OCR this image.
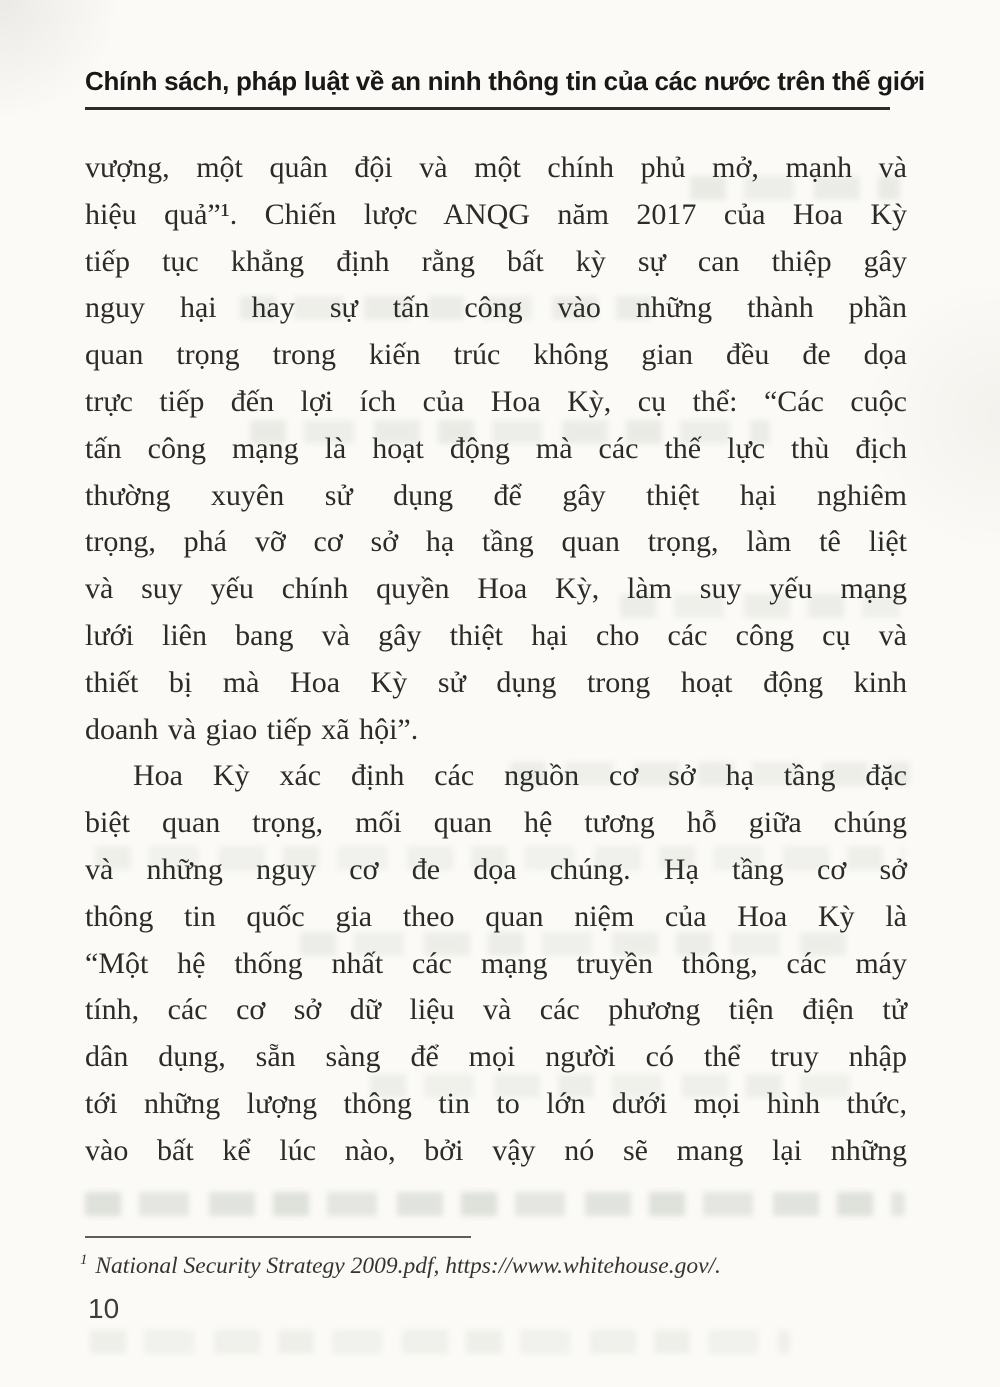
Chính sách, pháp luật về an ninh thông tin của các nước trên thế giới
vượng, một quân đội và một chính phủ mở, mạnh và
hiệu quả”¹. Chiến lược ANQG năm 2017 của Hoa Kỳ
tiếp tục khẳng định rằng bất kỳ sự can thiệp gây
nguy hại hay sự tấn công vào những thành phần
quan trọng trong kiến trúc không gian đều đe dọa
trực tiếp đến lợi ích của Hoa Kỳ, cụ thể: “Các cuộc
tấn công mạng là hoạt động mà các thế lực thù địch
thường xuyên sử dụng để gây thiệt hại nghiêm
trọng, phá vỡ cơ sở hạ tầng quan trọng, làm tê liệt
và suy yếu chính quyền Hoa Kỳ, làm suy yếu mạng
lưới liên bang và gây thiệt hại cho các công cụ và
thiết bị mà Hoa Kỳ sử dụng trong hoạt động kinh
doanh và giao tiếp xã hội”.
Hoa Kỳ xác định các nguồn cơ sở hạ tầng đặc
biệt quan trọng, mối quan hệ tương hỗ giữa chúng
và những nguy cơ đe dọa chúng. Hạ tầng cơ sở
thông tin quốc gia theo quan niệm của Hoa Kỳ là
“Một hệ thống nhất các mạng truyền thông, các máy
tính, các cơ sở dữ liệu và các phương tiện điện tử
dân dụng, sẵn sàng để mọi người có thể truy nhập
tới những lượng thông tin to lớn dưới mọi hình thức,
vào bất kể lúc nào, bởi vậy nó sẽ mang lại những
$^1$ National Security Strategy 2009.pdf, https://www.whitehouse.gov/.
10
